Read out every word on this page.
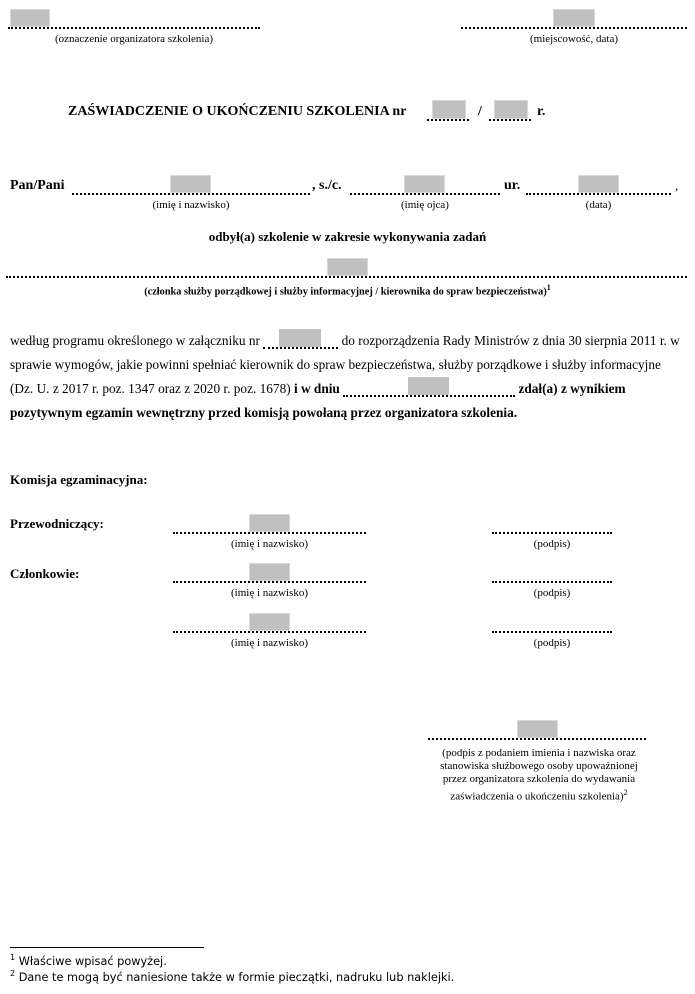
(oznaczenie organizatora szkolenia)	(miejscowość, data)
ZAŚWIADCZENIE O UKOŃCZENIU SZKOLENIA nr	/	r.
Pan/Pani
(imię i nazwisko)
, s./c.
(imię ojca)
ur.
(data)
,
odbył(a) szkolenie w zakresie wykonywania zadań
(członka służby porządkowej i służby informacyjnej / kierownika do spraw bezpieczeństwa)$^1$
według programu określonego w załączniku nr	do rozporządzenia Rady Ministrów z dnia 30 sierpnia 2011 r. w sprawie wymogów, jakie powinni spełniać kierownik do spraw bezpieczeństwa, służby porządkowe i służby informacyjne (Dz. U. z 2017 r. poz. 1347 oraz z 2020 r. poz. 1678) i w dniu	zdał(a) z wynikiem pozytywnym egzamin wewnętrzny przed komisją powołaną przez organizatora szkolenia.
Komisja egzaminacyjna:
Przewodniczący:
(imię i nazwisko)	(podpis)
Członkowie:
(imię i nazwisko)	(podpis)
(imię i nazwisko)	(podpis)
(podpis z podaniem imienia i nazwiska oraz stanowiska służbowego osoby upoważnionej przez organizatora szkolenia do wydawania zaświadczenia o ukończeniu szkolenia)$^2$
$^1$ Właściwe wpisać powyżej.
$^2$ Dane te mogą być naniesione także w formie pieczątki, nadruku lub naklejki.
